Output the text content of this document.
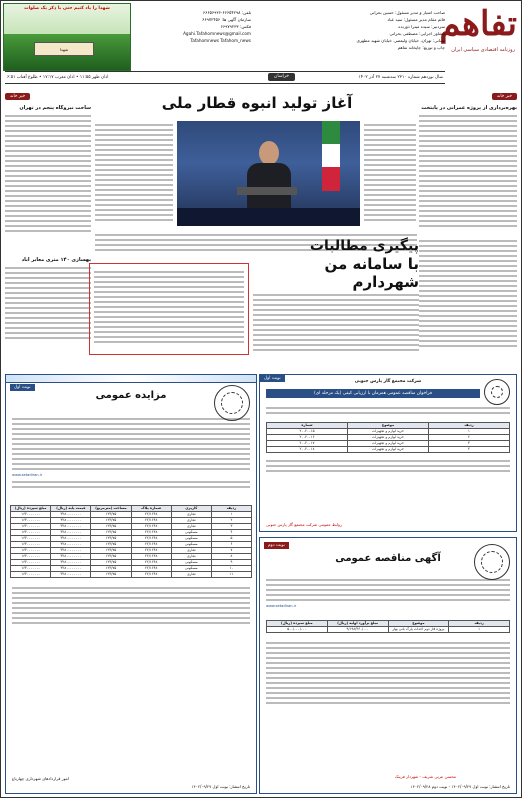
تفاهم
روزنامه اقتصادی سیاسی ایران
صاحب امتیاز و مدیر مسئول: حسین بحرانی
قائم مقام مدیر مسئول: سید عباد
سردبیر: سیده میترا ذوزنده
مشاور اجرایی: مصطفی بحرانی
نشانی: تهران، خیابان ولیعصر، خیابان شهید مطهری
چاپ و توزیع: چاپخانه تفاهم
تلفن: ۶۶۶۵۴۲۹۸-۶۶۶۵۶۹۳۶
سازمان آگهی ها: ۶۶۹۷۲۴۵۶
فکس: ۶۶۹۷۹۲۳۳
Agahi.Tafahomnews@gmail.com
Tafahomnews Tafahom_news
شهدا را یاد کنیم حتی با ذکر یک صلوات
شهدا
سال نوزدهم شماره ۲۳۱۰ سه‌شنبه ۲۷ آذر ۱۴۰۲
خراسان
اذان ظهر ۱۱:۵۵ • اذان مغرب ۱۷:۱۷ • طلوع آفتاب ۶:۵۱
آغاز تولید انبوه قطار ملی	خبر خانه
بهره‌برداری از پروژه عمرانی در پایتخت
خبر خانه
ساخت نیروگاه پنجم در تهران
بهسازی ۱۴۰ متری معابر آباد
پیگیری مطالبات
با سامانه من شهردارم
نوبت اول
مزایده عمومی
www.setadiran.ir
ردیف	کاربری	شماره پلاک	مساحت (مترمربع)	قیمت پایه (ریال)	مبلغ سپرده (ریال)
۱	تجاری	۲۲/۱۶۴۸	۱۲۳/۷۵	۳۲۸۰۰۰۰۰۰۰۰	۱۶۴۰۰۰۰۰۰۰
۲	تجاری	۲۲/۱۶۴۸	۱۲۳/۷۵	۳۲۸۰۰۰۰۰۰۰۰	۱۶۴۰۰۰۰۰۰۰
۳	تجاری	۲۲/۱۶۴۸	۱۲۳/۷۵	۳۲۸۰۰۰۰۰۰۰۰	۱۶۴۰۰۰۰۰۰۰
۴	مسکونی	۲۲/۱۶۴۸	۱۲۳/۷۵	۳۲۸۰۰۰۰۰۰۰۰	۱۶۴۰۰۰۰۰۰۰
۵	مسکونی	۲۲/۱۶۴۸	۱۲۳/۷۵	۳۲۸۰۰۰۰۰۰۰۰	۱۶۴۰۰۰۰۰۰۰
۶	مسکونی	۲۲/۱۶۴۸	۱۲۳/۷۵	۳۲۸۰۰۰۰۰۰۰۰	۱۶۴۰۰۰۰۰۰۰
۷	تجاری	۲۲/۱۶۴۸	۱۲۳/۷۵	۳۲۸۰۰۰۰۰۰۰۰	۱۶۴۰۰۰۰۰۰۰
۸	تجاری	۲۲/۱۶۴۸	۱۲۳/۷۵	۳۲۸۰۰۰۰۰۰۰۰	۱۶۴۰۰۰۰۰۰۰
۹	مسکونی	۲۲/۱۶۴۸	۱۲۳/۷۵	۳۲۸۰۰۰۰۰۰۰۰	۱۶۴۰۰۰۰۰۰۰
۱۰	مسکونی	۲۲/۱۶۴۸	۱۲۳/۷۵	۳۲۸۰۰۰۰۰۰۰۰	۱۶۴۰۰۰۰۰۰۰
۱۱	تجاری	۲۲/۱۶۴۸	۱۲۳/۷۵	۳۲۸۰۰۰۰۰۰۰۰	۱۶۴۰۰۰۰۰۰۰
امور قراردادهای شهرداری چهارباغ
تاریخ انتشار: نوبت اول ۱۴۰۲/۰۹/۲۷
نوبت اول
شرکت مجتمع گاز پارس جنوبی
فراخوان مناقصه عمومی همزمان با ارزیابی کیفی (یک مرحله ای)
ردیف	موضوع	شماره
۱	خرید لوازم و تجهیزات	۲۰۰۲۰۰۱۵
۲	خرید لوازم و تجهیزات	۲۰۰۲۰۰۱۶
۳	خرید لوازم و تجهیزات	۲۰۰۲۰۰۱۷
۴	خرید لوازم و تجهیزات	۲۰۰۲۰۰۱۸
روابط عمومی شرکت مجتمع گاز پارس جنوبی
نوبت دوم
آگهی مناقصه عمومی
www.setadiran.ir
ردیف	موضوع	مبلغ برآورد اولیه (ریال)	مبلغ سپرده (ریال)
۱	پروژه فاز دوم احداث پارک بانی بهار	۹/۱۹۸/۳۶۰/۰۰۰	۵۰۰/۰۰۰/۰۰۰
محسن عربی شریف - شهردار فرینک
تاریخ انتشار: نوبت اول ۱۴۰۲/۰۹/۲۷ - نوبت دوم ۱۴۰۲/۰۹/۲۸
